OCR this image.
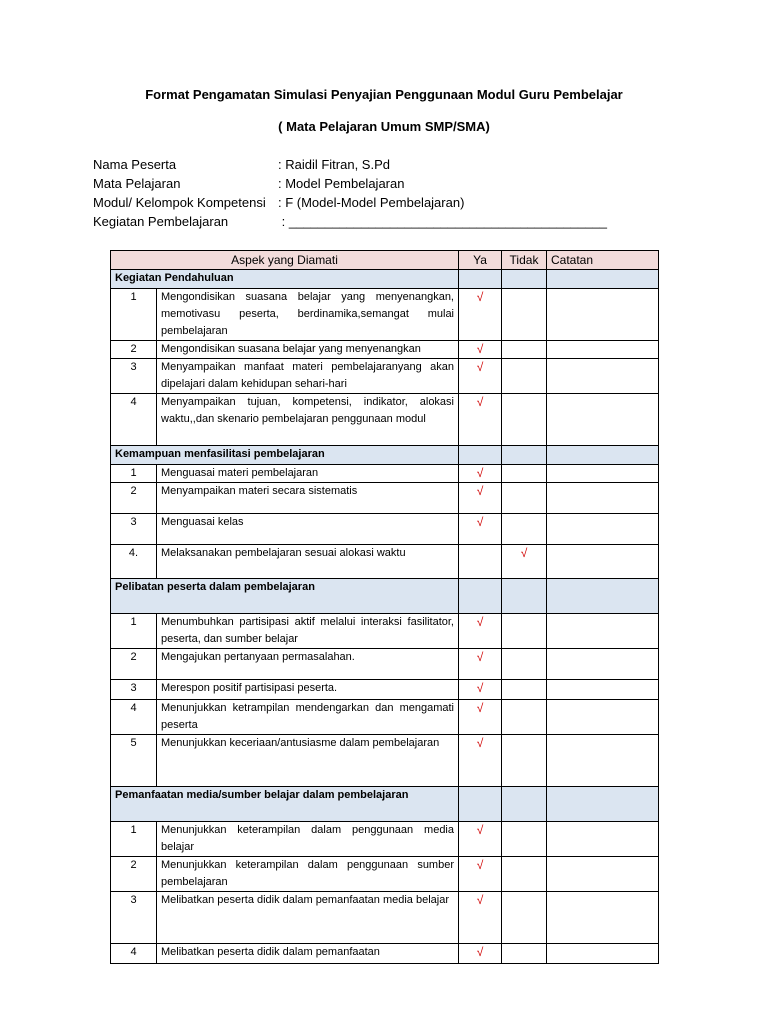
Format Pengamatan Simulasi Penyajian Penggunaan Modul Guru Pembelajar
( Mata Pelajaran Umum SMP/SMA)
Nama Peserta	: Raidil Fitran, S.Pd
Mata Pelajaran	: Model Pembelajaran
Modul/ Kelompok Kompetensi : F (Model-Model Pembelajaran)
Kegiatan Pembelajaran	: ____________________________________________
Aspek yang Diamati		Ya	Tidak	Catatan
Kegiatan Pendahuluan				
1	Mengondisikan suasana belajar yang menyenangkan, memotivasu peserta, berdinamika,semangat mulai pembelajaran	√		
2	Mengondisikan suasana belajar yang menyenangkan	√		
3	Menyampaikan manfaat materi pembelajaranyang akan dipelajari dalam kehidupan sehari-hari	√		
4	Menyampaikan tujuan, kompetensi, indikator, alokasi waktu,,dan skenario pembelajaran penggunaan modul	√		
Kemampuan menfasilitasi pembelajaran				
1	Menguasai materi pembelajaran	√		
2	Menyampaikan materi secara sistematis	√		
3	Menguasai kelas	√		
4.	Melaksanakan pembelajaran sesuai alokasi waktu		√	
Pelibatan peserta dalam pembelajaran				
1	Menumbuhkan partisipasi aktif melalui interaksi fasilitator, peserta, dan sumber belajar	√		
2	Mengajukan pertanyaan permasalahan.	√		
3	Merespon positif partisipasi peserta.	√		
4	Menunjukkan ketrampilan mendengarkan dan mengamati peserta	√		
5	Menunjukkan keceriaan/antusiasme dalam pembelajaran	√		
Pemanfaatan media/sumber belajar dalam pembelajaran				
1	Menunjukkan keterampilan dalam penggunaan media belajar	√		
2	Menunjukkan keterampilan dalam penggunaan sumber pembelajaran	√		
3	Melibatkan peserta didik dalam pemanfaatan media belajar	√		
4	Melibatkan peserta didik dalam pemanfaatan	√		
